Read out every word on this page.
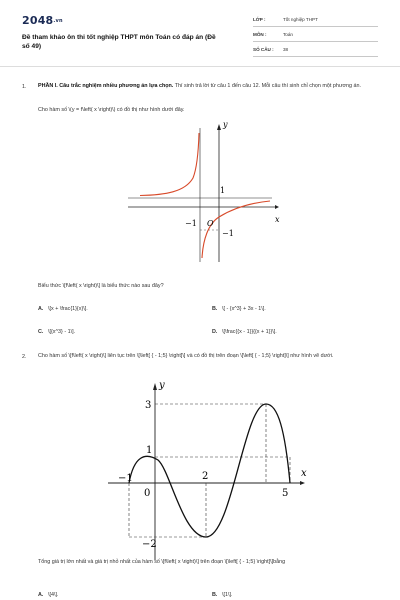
2048.vn
Đề tham khảo ôn thi tốt nghiệp THPT môn Toán có đáp án (Đề số 49)
LỚP :	Tốt nghiệp THPT
MÔN :	Toán
SỐ CÂU : 38
1. PHẦN I. Câu trắc nghiệm nhiều phương án lựa chọn. Thí sinh trả lời từ câu 1 đến câu 12. Mỗi câu thí sinh chỉ chọn một phương án.
Cho hàm số \(y = f\left( x \right)\) có đồ thị như hình dưới đây.
y
x
1
−1 O
−1
Biểu thức \[f\left( x \right)\] là biểu thức nào sau đây?
A. \[x + \frac{1}{x}\].	B. \[ - {x^3} + 3x - 1\].
C. \[{x^3} - 1\].	D. \[\frac{{x - 1}}{{x + 1}}\].
2. Cho hàm số \[f\left( x \right)\] liên tục trên \[\left[ { - 1;5} \right]\] và có đồ thị trên đoạn \[\left[ { - 1;5} \right]\] như hình vẽ dưới.
y
x
3
1
−1
0
2
5
−2
Tổng giá trị lớn nhất và giá trị nhỏ nhất của hàm số \[f\left( x \right)\] trên đoạn \[\left[ { - 1;5} \right]\]bằng
A. \[4\].	B. \[1\].
